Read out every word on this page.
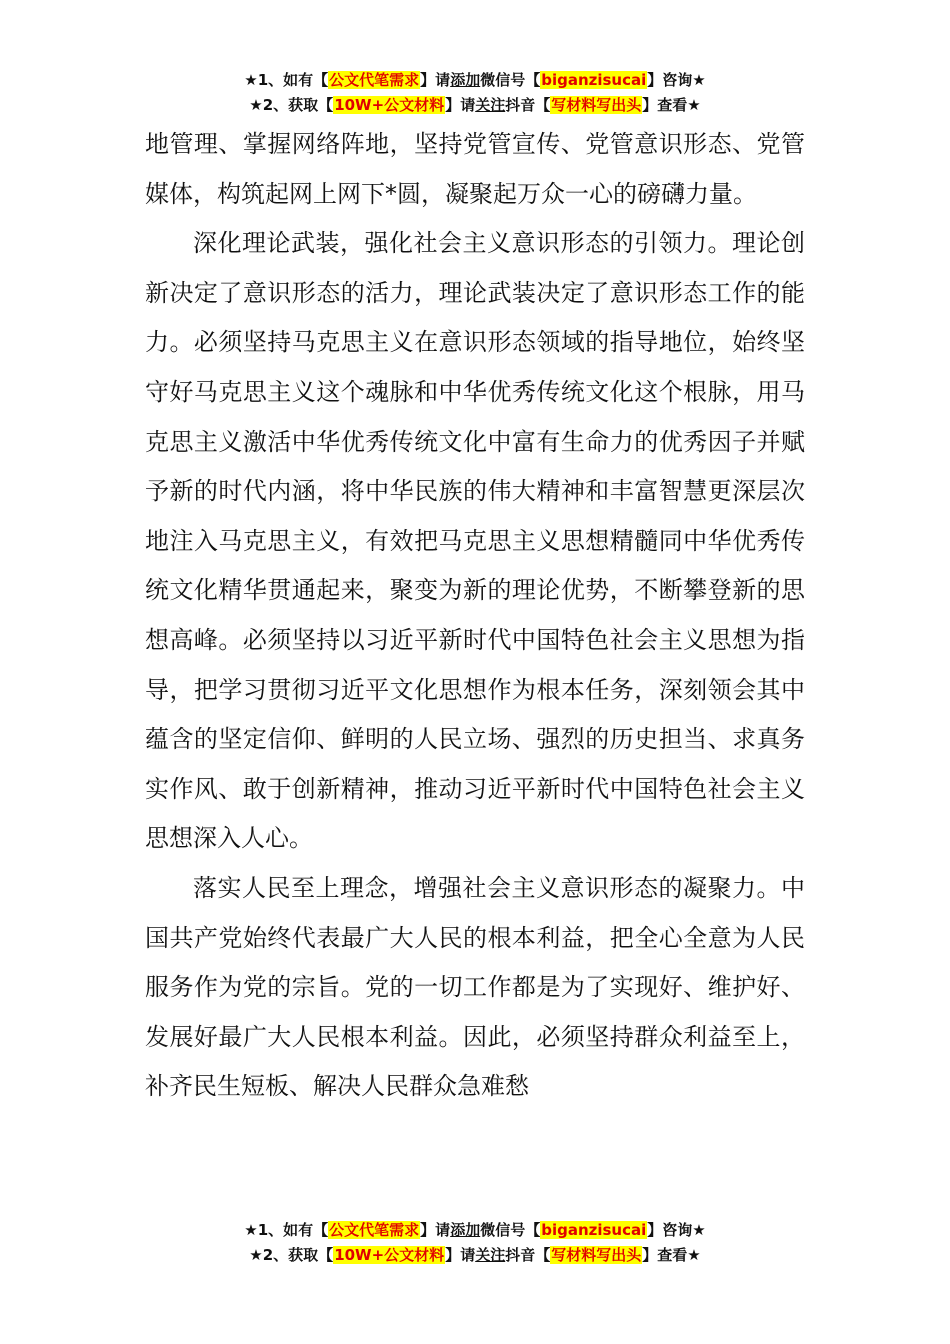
★1、如有【公文代笔需求】请添加微信号【biganzisucai】咨询★
★2、获取【10W+公文材料】请关注抖音【写材料写出头】查看★

地管理、掌握网络阵地，坚持党管宣传、党管意识形态、党管媒体，构筑起网上网下*圆，凝聚起万众一心的磅礴力量。

深化理论武装，强化社会主义意识形态的引领力。理论创新决定了意识形态的活力，理论武装决定了意识形态工作的能力。必须坚持马克思主义在意识形态领域的指导地位，始终坚守好马克思主义这个魂脉和中华优秀传统文化这个根脉，用马克思主义激活中华优秀传统文化中富有生命力的优秀因子并赋予新的时代内涵，将中华民族的伟大精神和丰富智慧更深层次地注入马克思主义，有效把马克思主义思想精髓同中华优秀传统文化精华贯通起来，聚变为新的理论优势，不断攀登新的思想高峰。必须坚持以习近平新时代中国特色社会主义思想为指导，把学习贯彻习近平文化思想作为根本任务，深刻领会其中蕴含的坚定信仰、鲜明的人民立场、强烈的历史担当、求真务实作风、敢于创新精神，推动习近平新时代中国特色社会主义思想深入人心。

落实人民至上理念，增强社会主义意识形态的凝聚力。中国共产党始终代表最广大人民的根本利益，把全心全意为人民服务作为党的宗旨。党的一切工作都是为了实现好、维护好、发展好最广大人民根本利益。因此，必须坚持群众利益至上，补齐民生短板、解决人民群众急难愁

★1、如有【公文代笔需求】请添加微信号【biganzisucai】咨询★
★2、获取【10W+公文材料】请关注抖音【写材料写出头】查看★
